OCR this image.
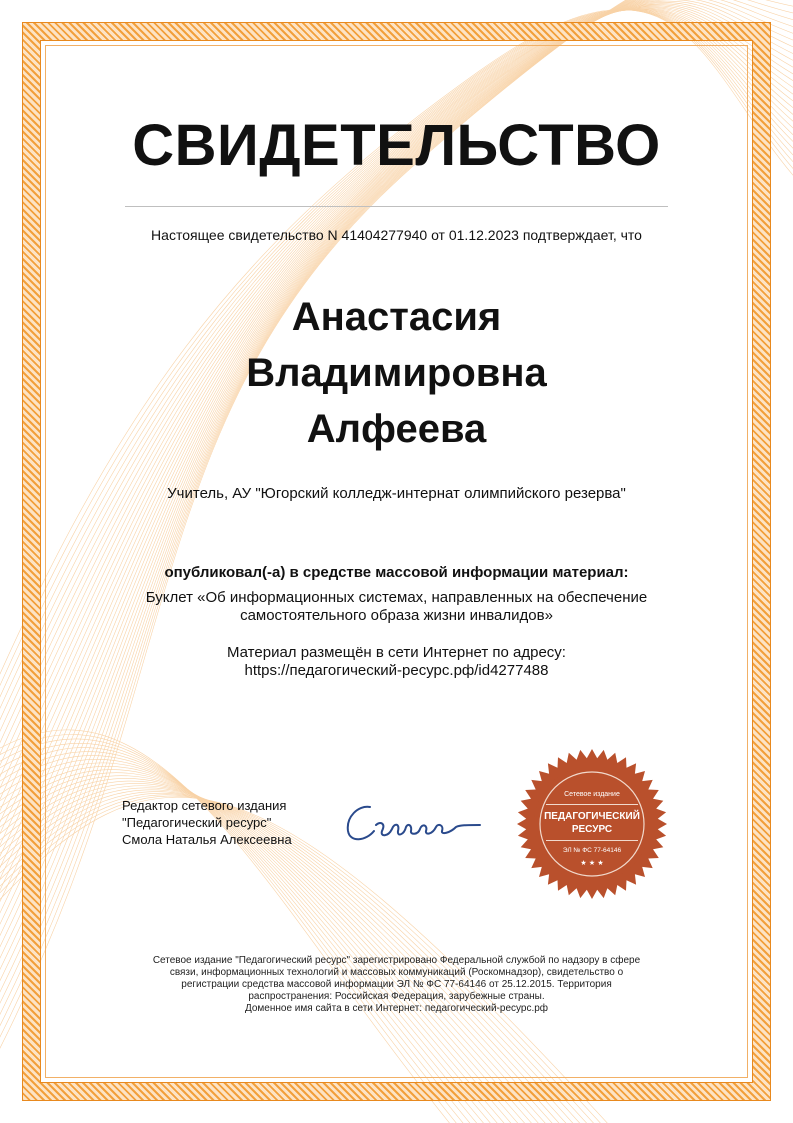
СВИДЕТЕЛЬСТВО
Настоящее свидетельство N 41404277940 от 01.12.2023 подтверждает, что
Анастасия
Владимировна
Алфеева
Учитель, АУ "Югорский колледж-интернат олимпийского резерва"
опубликовал(-а) в средстве массовой информации материал:
Буклет «Об информационных системах, направленных на обеспечение
самостоятельного образа жизни инвалидов»
Материал размещён в сети Интернет по адресу:
https://педагогический-ресурс.рф/id4277488
Редактор сетевого издания
"Педагогический ресурс"
Смола Наталья Алексеевна
Сетевое издание
ПЕДАГОГИЧЕСКИЙ
РЕСУРС
ЭЛ № ФС 77-64146
★ ★ ★
Сетевое издание "Педагогический ресурс" зарегистрировано Федеральной службой по надзору в сфере
связи, информационных технологий и массовых коммуникаций (Роскомнадзор), свидетельство о
регистрации средства массовой информации ЭЛ № ФС 77-64146 от 25.12.2015. Территория
распространения: Российская Федерация, зарубежные страны.
Доменное имя сайта в сети Интернет: педагогический-ресурс.рф
